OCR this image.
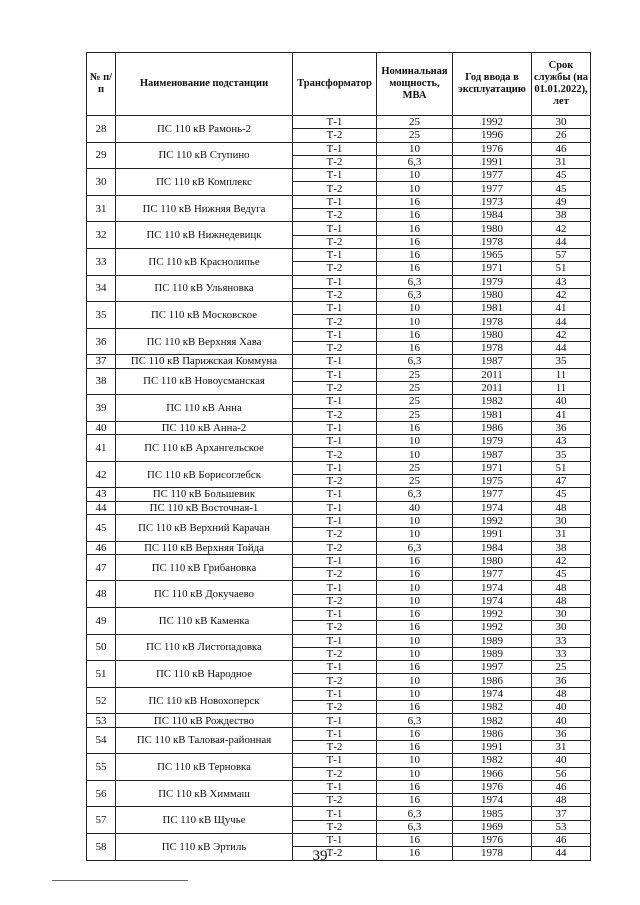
№ п/п	Наименование подстанции	Трансформатор	Номинальная мощность, МВА	Год ввода в эксплуатацию	Срок службы (на 01.01.2022), лет
28	ПС 110 кВ Рамонь-2	Т-1	25	1992	30
		Т-2	25	1996	26
29	ПС 110 кВ Ступино	Т-1	10	1976	46
		Т-2	6,3	1991	31
30	ПС 110 кВ Комплекс	Т-1	10	1977	45
		Т-2	10	1977	45
31	ПС 110 кВ Нижняя Ведуга	Т-1	16	1973	49
		Т-2	16	1984	38
32	ПС 110 кВ Нижнедевицк	Т-1	16	1980	42
		Т-2	16	1978	44
33	ПС 110 кВ Краснолипье	Т-1	16	1965	57
		Т-2	16	1971	51
34	ПС 110 кВ Ульяновка	Т-1	6,3	1979	43
		Т-2	6,3	1980	42
35	ПС 110 кВ Московское	Т-1	10	1981	41
		Т-2	10	1978	44
36	ПС 110 кВ Верхняя Хава	Т-1	16	1980	42
		Т-2	16	1978	44
37	ПС 110 кВ Парижская Коммуна	Т-1	6,3	1987	35
38	ПС 110 кВ Новоусманская	Т-1	25	2011	11
		Т-2	25	2011	11
39	ПС 110 кВ Анна	Т-1	25	1982	40
		Т-2	25	1981	41
40	ПС 110 кВ Анна-2	Т-1	16	1986	36
41	ПС 110 кВ Архангельское	Т-1	10	1979	43
		Т-2	10	1987	35
42	ПС 110 кВ Борисоглебск	Т-1	25	1971	51
		Т-2	25	1975	47
43	ПС 110 кВ Большевик	Т-1	6,3	1977	45
44	ПС 110 кВ Восточная-1	Т-1	40	1974	48
45	ПС 110 кВ Верхний Карачан	Т-1	10	1992	30
		Т-2	10	1991	31
46	ПС 110 кВ Верхняя Тойда	Т-2	6,3	1984	38
47	ПС 110 кВ Грибановка	Т-1	16	1980	42
		Т-2	16	1977	45
48	ПС 110 кВ Докучаево	Т-1	10	1974	48
		Т-2	10	1974	48
49	ПС 110 кВ Каменка	Т-1	16	1992	30
		Т-2	16	1992	30
50	ПС 110 кВ Листопадовка	Т-1	10	1989	33
		Т-2	10	1989	33
51	ПС 110 кВ Народное	Т-1	16	1997	25
		Т-2	10	1986	36
52	ПС 110 кВ Новохоперск	Т-1	10	1974	48
		Т-2	16	1982	40
53	ПС 110 кВ Рождество	Т-1	6,3	1982	40
54	ПС 110 кВ Таловая-районная	Т-1	16	1986	36
		Т-2	16	1991	31
55	ПС 110 кВ Терновка	Т-1	10	1982	40
		Т-2	10	1966	56
56	ПС 110 кВ Химмаш	Т-1	16	1976	46
		Т-2	16	1974	48
57	ПС 110 кВ Щучье	Т-1	6,3	1985	37
		Т-2	6,3	1969	53
58	ПС 110 кВ Эртиль	Т-1	16	1976	46
		Т-2	16	1978	44
39
